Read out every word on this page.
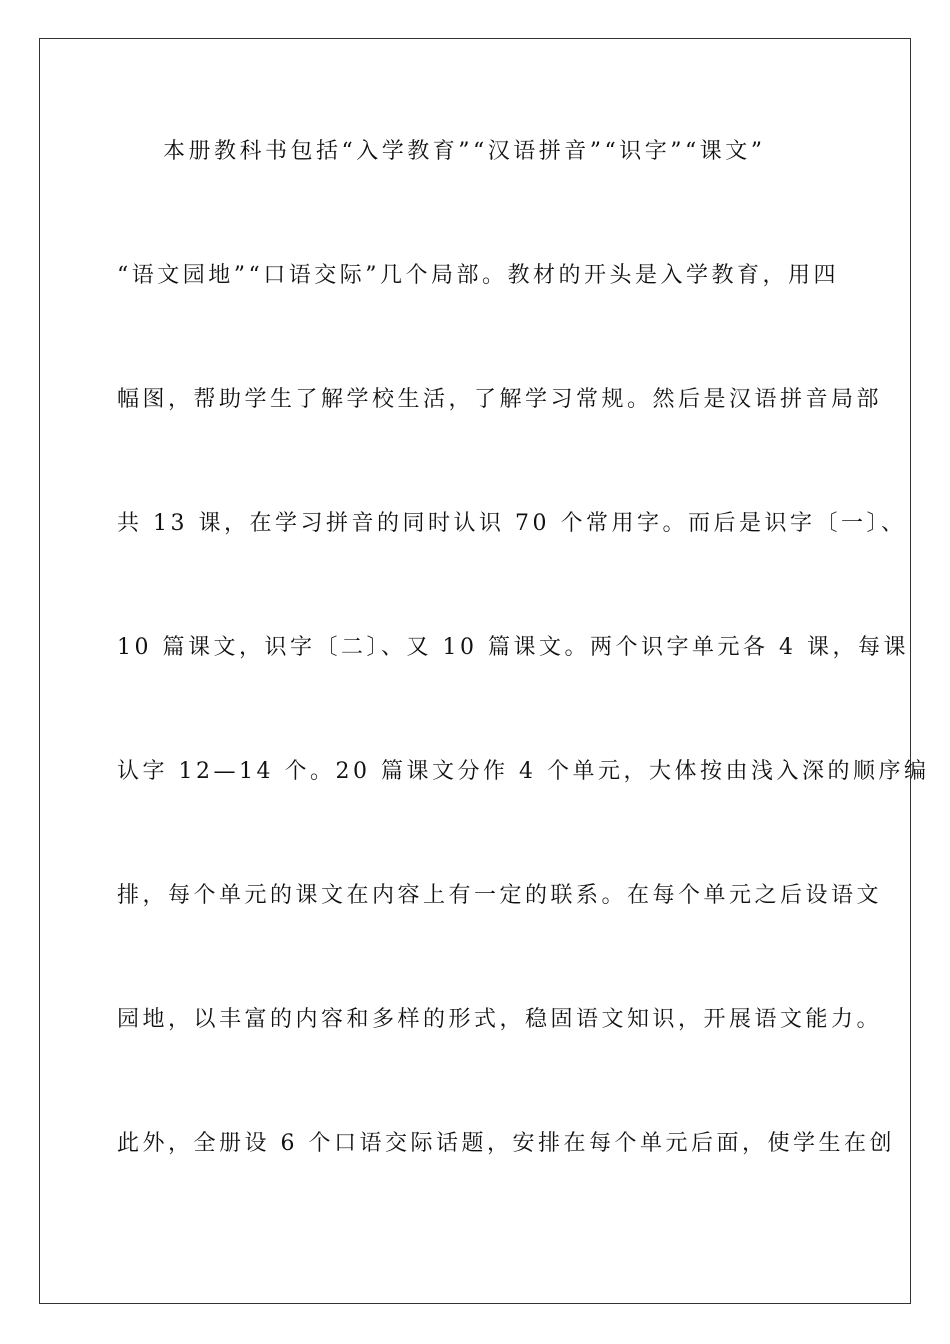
本册教科书包括“入学教育”“汉语拼音”“识字”“课文”
“语文园地”“口语交际”几个局部。教材的开头是入学教育，用四
幅图，帮助学生了解学校生活，了解学习常规。然后是汉语拼音局部
共 13 课，在学习拼音的同时认识 70 个常用字。而后是识字〔一〕、
10 篇课文，识字〔二〕、又 10 篇课文。两个识字单元各 4 课，每课
认字 12—14 个。20 篇课文分作 4 个单元，大体按由浅入深的顺序编
排，每个单元的课文在内容上有一定的联系。在每个单元之后设语文
园地，以丰富的内容和多样的形式，稳固语文知识，开展语文能力。
此外，全册设 6 个口语交际话题，安排在每个单元后面，使学生在创
